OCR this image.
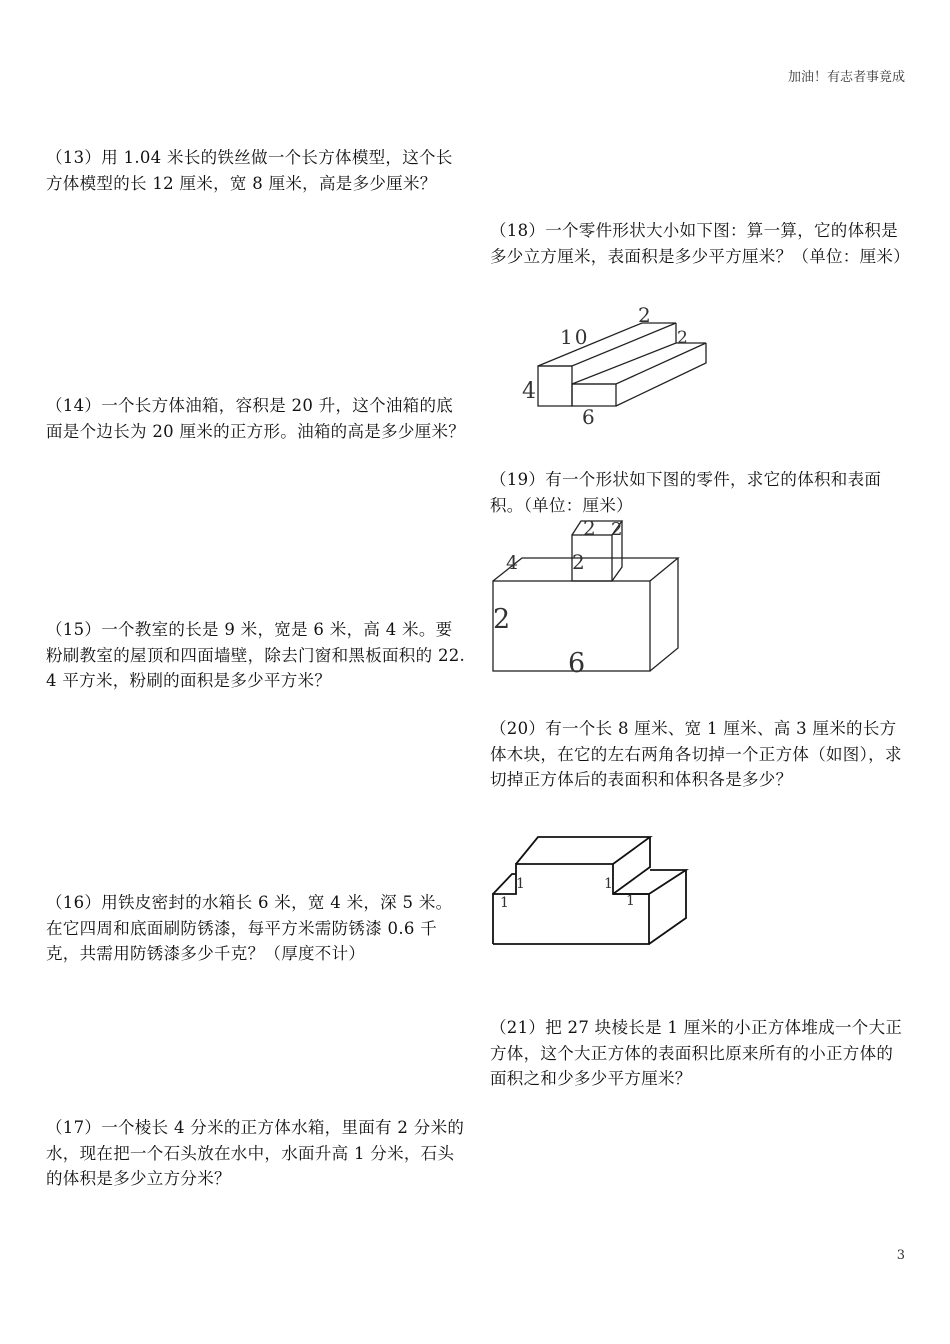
加油！有志者事竟成

（13）用 1.04 米长的铁丝做一个长方体模型，这个长方体模型的长 12 厘米，宽 8 厘米，高是多少厘米？

（14）一个长方体油箱，容积是 20 升，这个油箱的底面是个边长为 20 厘米的正方形。油箱的高是多少厘米？

（15）一个教室的长是 9 米，宽是 6 米，高 4 米。要粉刷教室的屋顶和四面墙壁，除去门窗和黑板面积的 22.4 平方米，粉刷的面积是多少平方米？

（16）用铁皮密封的水箱长 6 米，宽 4 米，深 5 米。在它四周和底面刷防锈漆，每平方米需防锈漆 0.6 千克，共需用防锈漆多少千克？（厚度不计）

（17）一个棱长 4 分米的正方体水箱，里面有 2 分米的水，现在把一个石头放在水中，水面升高 1 分米，石头的体积是多少立方分米？

（18）一个零件形状大小如下图：算一算，它的体积是多少立方厘米，表面积是多少平方厘米？（单位：厘米）

2
10	2
4
6

（19）有一个形状如下图的零件，求它的体积和表面积。（单位：厘米）

2 2
4	2
2
6

（20）有一个长 8 厘米、宽 1 厘米、高 3 厘米的长方体木块，在它的左右两角各切掉一个正方体（如图），求切掉正方体后的表面积和体积各是多少？

1	1
1	1

（21）把 27 块棱长是 1 厘米的小正方体堆成一个大正方体，这个大正方体的表面积比原来所有的小正方体的面积之和少多少平方厘米？

3
